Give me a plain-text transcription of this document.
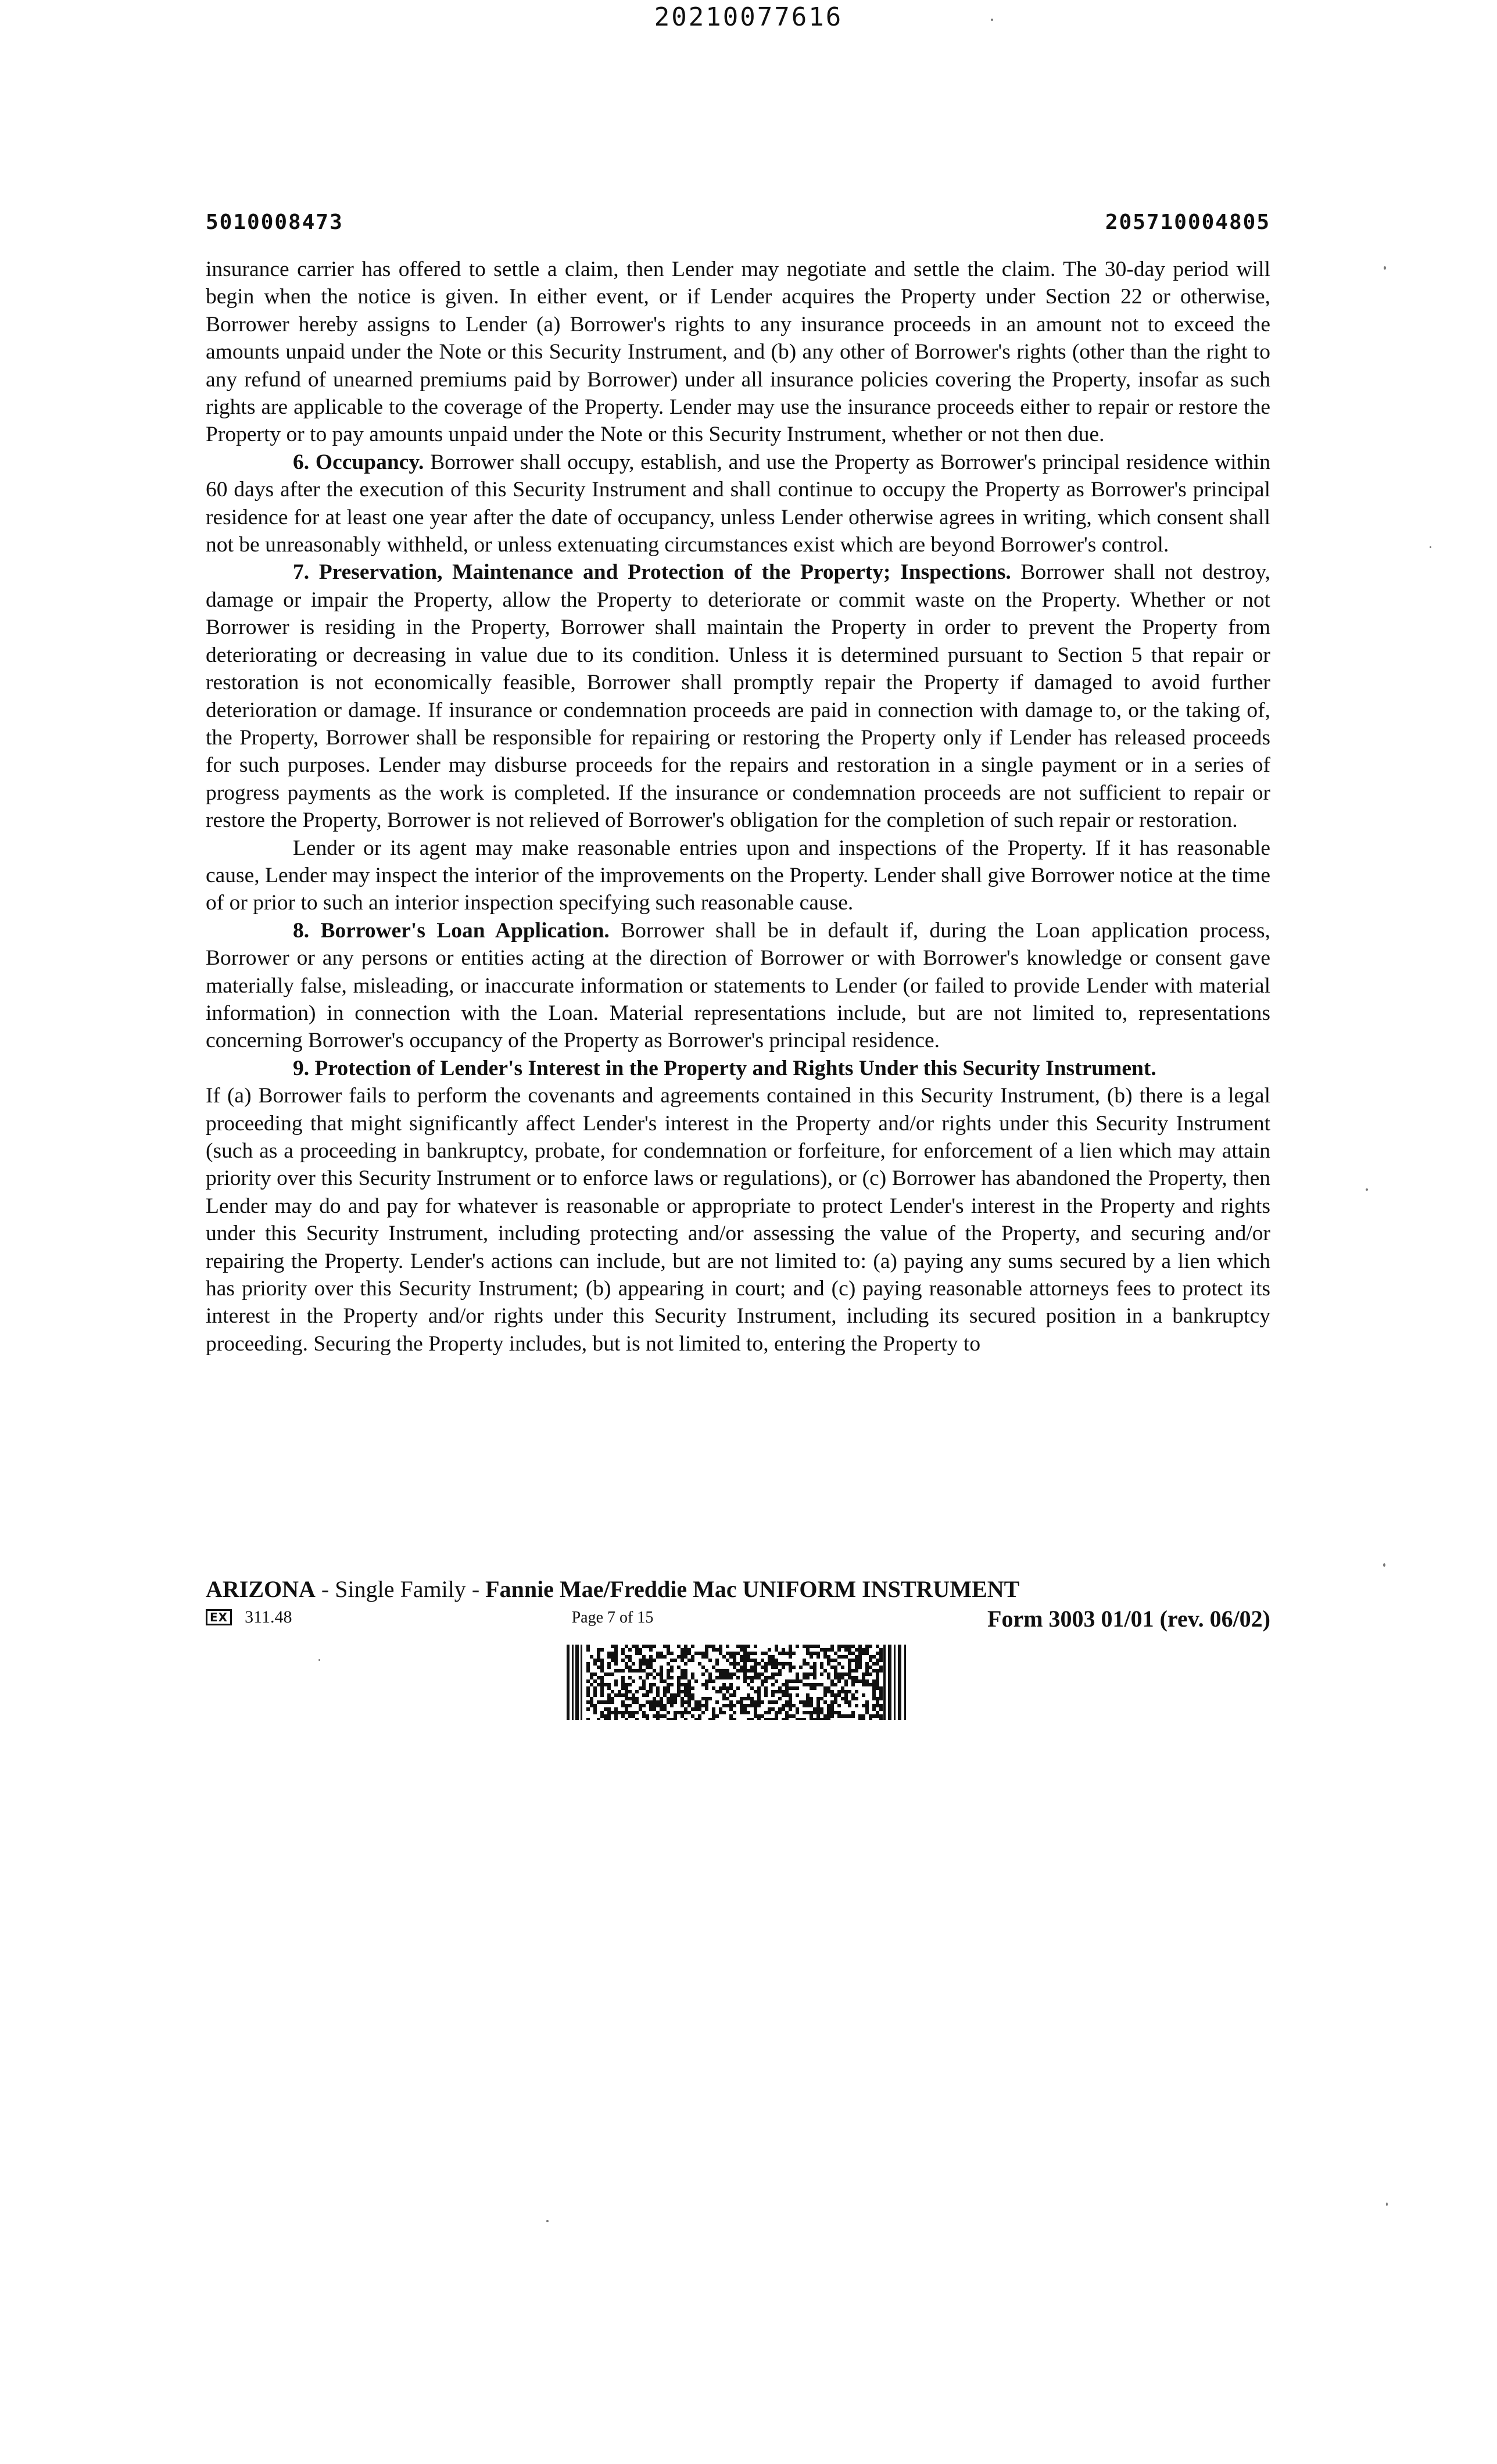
20210077616
5010008473	205710004805

insurance carrier has offered to settle a claim, then Lender may negotiate and settle the claim. The 30-day period will begin when the notice is given. In either event, or if Lender acquires the Property under Section 22 or otherwise, Borrower hereby assigns to Lender (a) Borrower's rights to any insurance proceeds in an amount not to exceed the amounts unpaid under the Note or this Security Instrument, and (b) any other of Borrower's rights (other than the right to any refund of unearned premiums paid by Borrower) under all insurance policies covering the Property, insofar as such rights are applicable to the coverage of the Property. Lender may use the insurance proceeds either to repair or restore the Property or to pay amounts unpaid under the Note or this Security Instrument, whether or not then due.

6. Occupancy. Borrower shall occupy, establish, and use the Property as Borrower's principal residence within 60 days after the execution of this Security Instrument and shall continue to occupy the Property as Borrower's principal residence for at least one year after the date of occupancy, unless Lender otherwise agrees in writing, which consent shall not be unreasonably withheld, or unless extenuating circumstances exist which are beyond Borrower's control.

7. Preservation, Maintenance and Protection of the Property; Inspections. Borrower shall not destroy, damage or impair the Property, allow the Property to deteriorate or commit waste on the Property. Whether or not Borrower is residing in the Property, Borrower shall maintain the Property in order to prevent the Property from deteriorating or decreasing in value due to its condition. Unless it is determined pursuant to Section 5 that repair or restoration is not economically feasible, Borrower shall promptly repair the Property if damaged to avoid further deterioration or damage. If insurance or condemnation proceeds are paid in connection with damage to, or the taking of, the Property, Borrower shall be responsible for repairing or restoring the Property only if Lender has released proceeds for such purposes. Lender may disburse proceeds for the repairs and restoration in a single payment or in a series of progress payments as the work is completed. If the insurance or condemnation proceeds are not sufficient to repair or restore the Property, Borrower is not relieved of Borrower's obligation for the completion of such repair or restoration.

Lender or its agent may make reasonable entries upon and inspections of the Property. If it has reasonable cause, Lender may inspect the interior of the improvements on the Property. Lender shall give Borrower notice at the time of or prior to such an interior inspection specifying such reasonable cause.

8. Borrower's Loan Application. Borrower shall be in default if, during the Loan application process, Borrower or any persons or entities acting at the direction of Borrower or with Borrower's knowledge or consent gave materially false, misleading, or inaccurate information or statements to Lender (or failed to provide Lender with material information) in connection with the Loan. Material representations include, but are not limited to, representations concerning Borrower's occupancy of the Property as Borrower's principal residence.

9. Protection of Lender's Interest in the Property and Rights Under this Security Instrument.

If (a) Borrower fails to perform the covenants and agreements contained in this Security Instrument, (b) there is a legal proceeding that might significantly affect Lender's interest in the Property and/or rights under this Security Instrument (such as a proceeding in bankruptcy, probate, for condemnation or forfeiture, for enforcement of a lien which may attain priority over this Security Instrument or to enforce laws or regulations), or (c) Borrower has abandoned the Property, then Lender may do and pay for whatever is reasonable or appropriate to protect Lender's interest in the Property and rights under this Security Instrument, including protecting and/or assessing the value of the Property, and securing and/or repairing the Property. Lender's actions can include, but are not limited to: (a) paying any sums secured by a lien which has priority over this Security Instrument; (b) appearing in court; and (c) paying reasonable attorneys fees to protect its interest in the Property and/or rights under this Security Instrument, including its secured position in a bankruptcy proceeding. Securing the Property includes, but is not limited to, entering the Property to

ARIZONA - Single Family - Fannie Mae/Freddie Mac UNIFORM INSTRUMENT
EX 311.48	Page 7 of 15	Form 3003 01/01 (rev. 06/02)
